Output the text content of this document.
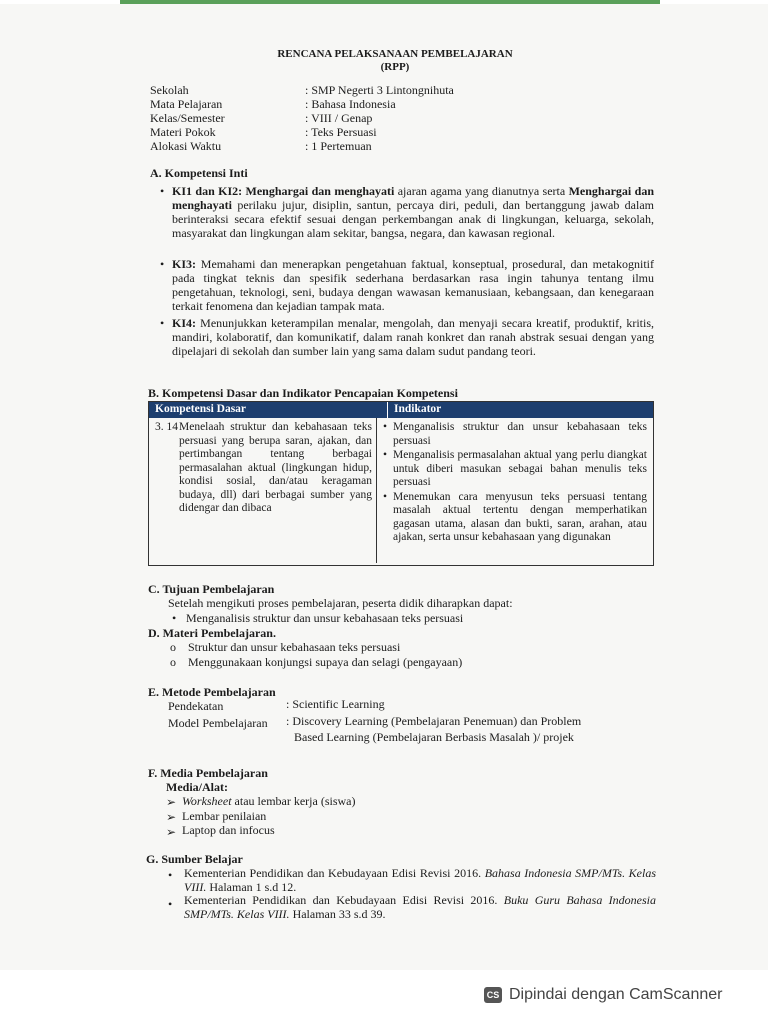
RENCANA PELAKSANAAN PEMBELAJARAN
(RPP)
Sekolah	: SMP Negerti 3 Lintongnihuta
Mata Pelajaran	: Bahasa Indonesia
Kelas/Semester	: VIII / Genap
Materi Pokok	: Teks Persuasi
Alokasi Waktu	: 1 Pertemuan
A. Kompetensi Inti
• KI1 dan KI2: Menghargai dan menghayati ajaran agama yang dianutnya serta Menghargai dan menghayati perilaku jujur, disiplin, santun, percaya diri, peduli, dan bertanggung jawab dalam berinteraksi secara efektif sesuai dengan perkembangan anak di lingkungan, keluarga, sekolah, masyarakat dan lingkungan alam sekitar, bangsa, negara, dan kawasan regional.
• KI3: Memahami dan menerapkan pengetahuan faktual, konseptual, prosedural, dan metakognitif pada tingkat teknis dan spesifik sederhana berdasarkan rasa ingin tahunya tentang ilmu pengetahuan, teknologi, seni, budaya dengan wawasan kemanusiaan, kebangsaan, dan kenegaraan terkait fenomena dan kejadian tampak mata.
• KI4: Menunjukkan keterampilan menalar, mengolah, dan menyaji secara kreatif, produktif, kritis, mandiri, kolaboratif, dan komunikatif, dalam ranah konkret dan ranah abstrak sesuai dengan yang dipelajari di sekolah dan sumber lain yang sama dalam sudut pandang teori.
B. Kompetensi Dasar dan Indikator Pencapaian Kompetensi
Kompetensi Dasar	Indikator
3. 14 Menelaah struktur dan kebahasaan teks persuasi yang berupa saran, ajakan, dan pertimbangan tentang berbagai permasalahan aktual (lingkungan hidup, kondisi sosial, dan/atau keragaman budaya, dll) dari berbagai sumber yang didengar dan dibaca
• Menganalisis struktur dan unsur kebahasaan teks persuasi
• Menganalisis permasalahan aktual yang perlu diangkat untuk diberi masukan sebagai bahan menulis teks persuasi
• Menemukan cara menyusun teks persuasi tentang masalah aktual tertentu dengan memperhatikan gagasan utama, alasan dan bukti, saran, arahan, atau ajakan, serta unsur kebahasaan yang digunakan
C. Tujuan Pembelajaran
Setelah mengikuti proses pembelajaran, peserta didik diharapkan dapat:
• Menganalisis struktur dan unsur kebahasaan teks persuasi
D. Materi Pembelajaran.
o Struktur dan unsur kebahasaan teks persuasi
o Menggunakaan konjungsi supaya dan selagi (pengayaan)
E. Metode Pembelajaran
Pendekatan	: Scientific Learning
Model Pembelajaran : Discovery Learning (Pembelajaran Penemuan) dan Problem
Based Learning (Pembelajaran Berbasis Masalah )/ projek
F. Media Pembelajaran
Media/Alat:
➢ Worksheet atau lembar kerja (siswa)
➢ Lembar penilaian
➢ Laptop dan infocus
G. Sumber Belajar
• Kementerian Pendidikan dan Kebudayaan Edisi Revisi 2016. Bahasa Indonesia SMP/MTs. Kelas VIII. Halaman 1 s.d 12.
• Kementerian Pendidikan dan Kebudayaan Edisi Revisi 2016. Buku Guru Bahasa Indonesia SMP/MTs. Kelas VIII. Halaman 33 s.d 39.
CS Dipindai dengan CamScanner
